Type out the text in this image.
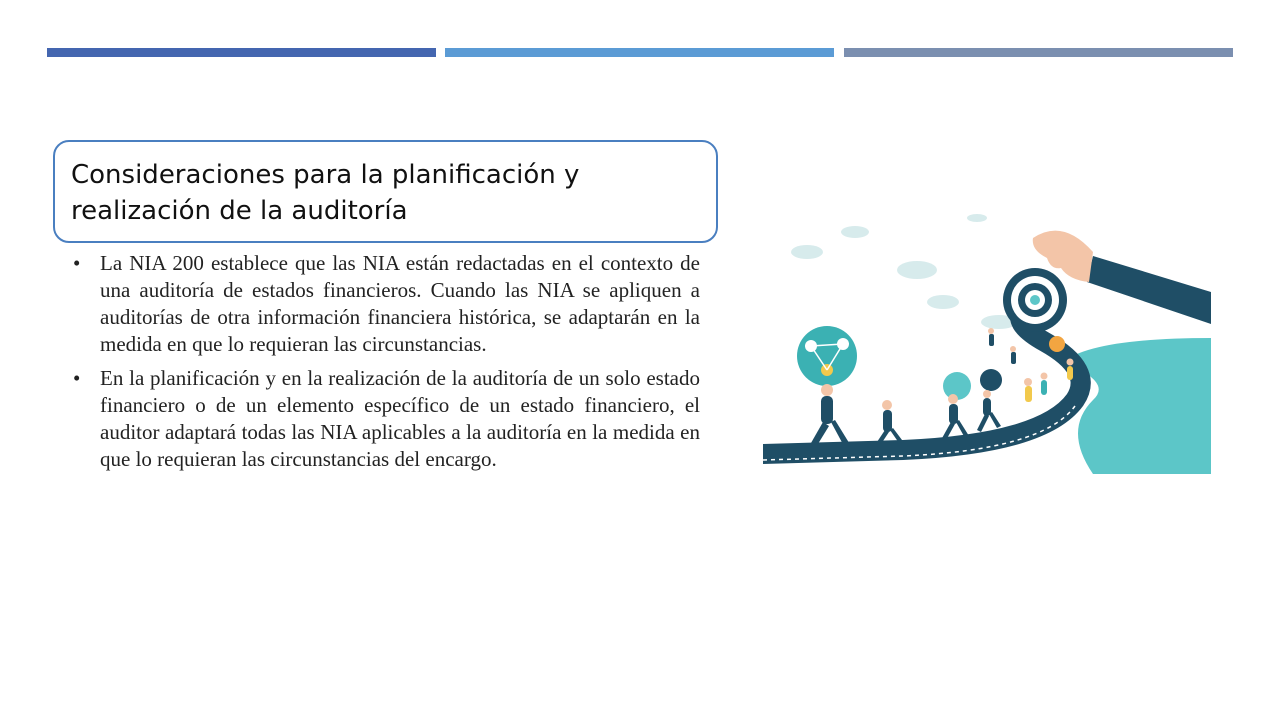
Consideraciones para la planificación y realización de la auditoría
• La NIA 200 establece que las NIA están redactadas en el contexto de una auditoría de estados financieros. Cuando las NIA se apliquen a auditorías de otra información financiera histórica, se adaptarán en la medida en que lo requieran las circunstancias.
• En la planificación y en la realización de la auditoría de un solo estado financiero o de un elemento específico de un estado financiero, el auditor adaptará todas las NIA aplicables a la auditoría en la medida en que lo requieran las circunstancias del encargo.
